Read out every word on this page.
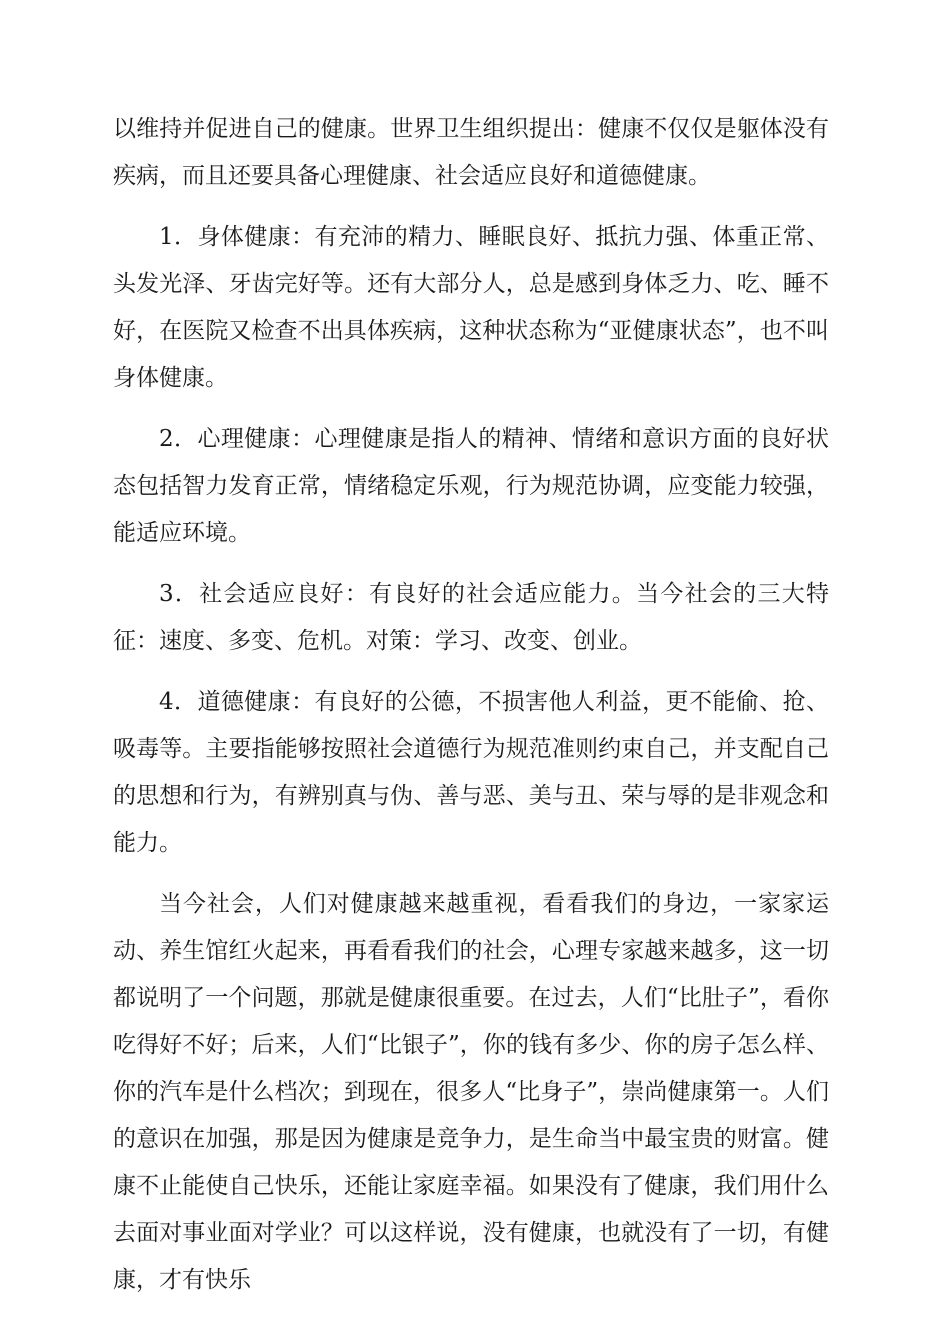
以维持并促进自己的健康。世界卫生组织提出：健康不仅仅是躯体没有疾病，而且还要具备心理健康、社会适应良好和道德健康。

1．身体健康：有充沛的精力、睡眠良好、抵抗力强、体重正常、头发光泽、牙齿完好等。还有大部分人，总是感到身体乏力、吃、睡不好，在医院又检查不出具体疾病，这种状态称为“亚健康状态”，也不叫身体健康。

2．心理健康：心理健康是指人的精神、情绪和意识方面的良好状态包括智力发育正常，情绪稳定乐观，行为规范协调，应变能力较强，能适应环境。

3．社会适应良好：有良好的社会适应能力。当今社会的三大特征：速度、多变、危机。对策：学习、改变、创业。

4．道德健康：有良好的公德，不损害他人利益，更不能偷、抢、吸毒等。主要指能够按照社会道德行为规范准则约束自己，并支配自己的思想和行为，有辨别真与伪、善与恶、美与丑、荣与辱的是非观念和能力。

当今社会，人们对健康越来越重视，看看我们的身边，一家家运动、养生馆红火起来，再看看我们的社会，心理专家越来越多，这一切都说明了一个问题，那就是健康很重要。在过去，人们“比肚子”，看你吃得好不好；后来，人们“比银子”，你的钱有多少、你的房子怎么样、你的汽车是什么档次；到现在，很多人“比身子”，崇尚健康第一。人们的意识在加强，那是因为健康是竞争力，是生命当中最宝贵的财富。健康不止能使自己快乐，还能让家庭幸福。如果没有了健康，我们用什么去面对事业面对学业？可以这样说，没有健康，也就没有了一切，有健康，才有快乐
